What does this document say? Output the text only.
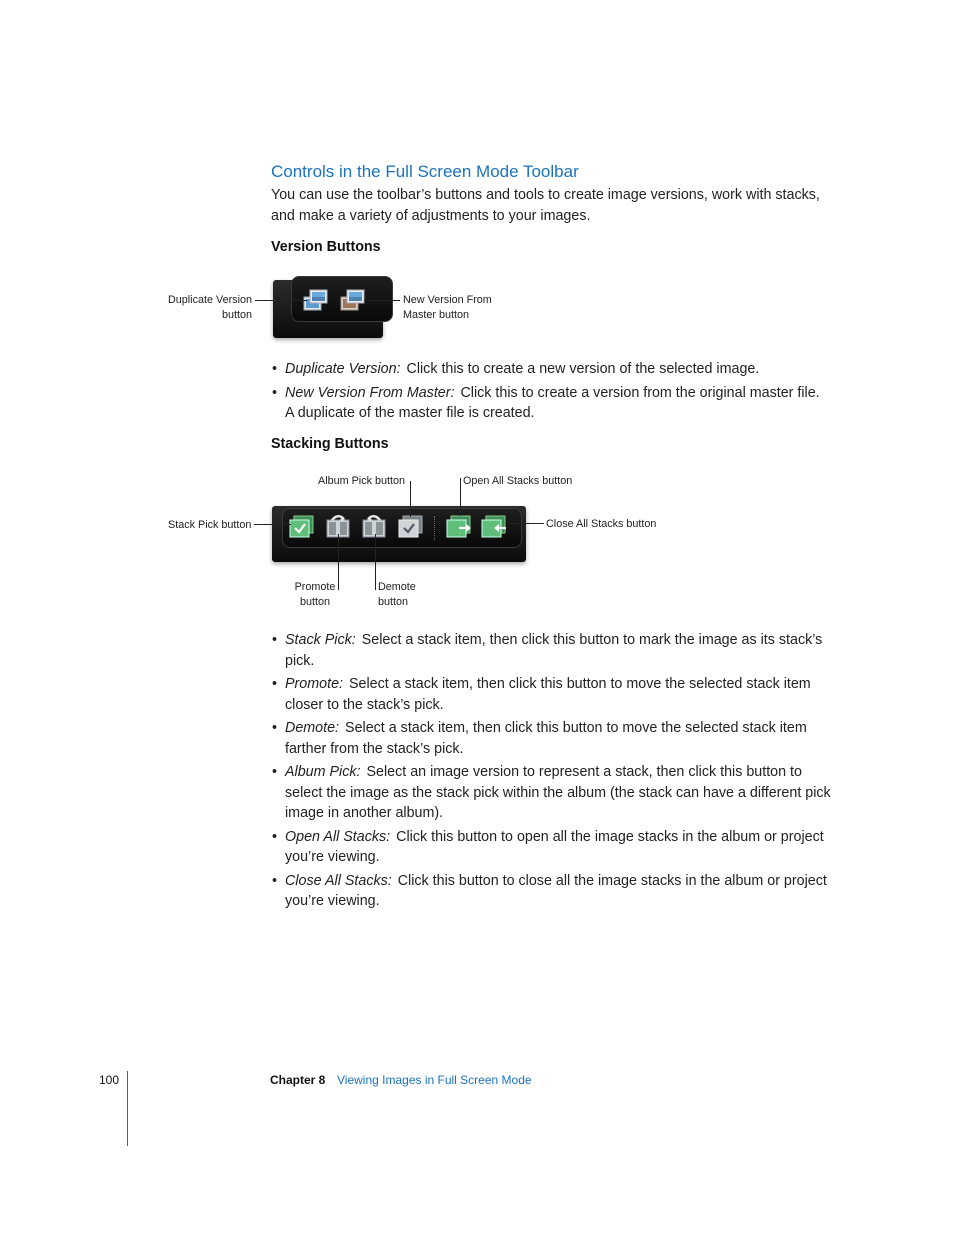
Controls in the Full Screen Mode Toolbar
You can use the toolbar’s buttons and tools to create image versions, work with stacks, and make a variety of adjustments to your images.
Version Buttons
Duplicate Version
button
New Version From
Master button
• Duplicate Version: Click this to create a new version of the selected image.
• New Version From Master: Click this to create a version from the original master file. A duplicate of the master file is created.
Stacking Buttons
Album Pick button	Open All Stacks button
Stack Pick button	Close All Stacks button
Promote
button
Demote
button
• Stack Pick: Select a stack item, then click this button to mark the image as its stack’s pick.
• Promote: Select a stack item, then click this button to move the selected stack item closer to the stack’s pick.
• Demote: Select a stack item, then click this button to move the selected stack item farther from the stack’s pick.
• Album Pick: Select an image version to represent a stack, then click this button to select the image as the stack pick within the album (the stack can have a different pick image in another album).
• Open All Stacks: Click this button to open all the image stacks in the album or project you’re viewing.
• Close All Stacks: Click this button to close all the image stacks in the album or project you’re viewing.
100	Chapter 8 Viewing Images in Full Screen Mode
